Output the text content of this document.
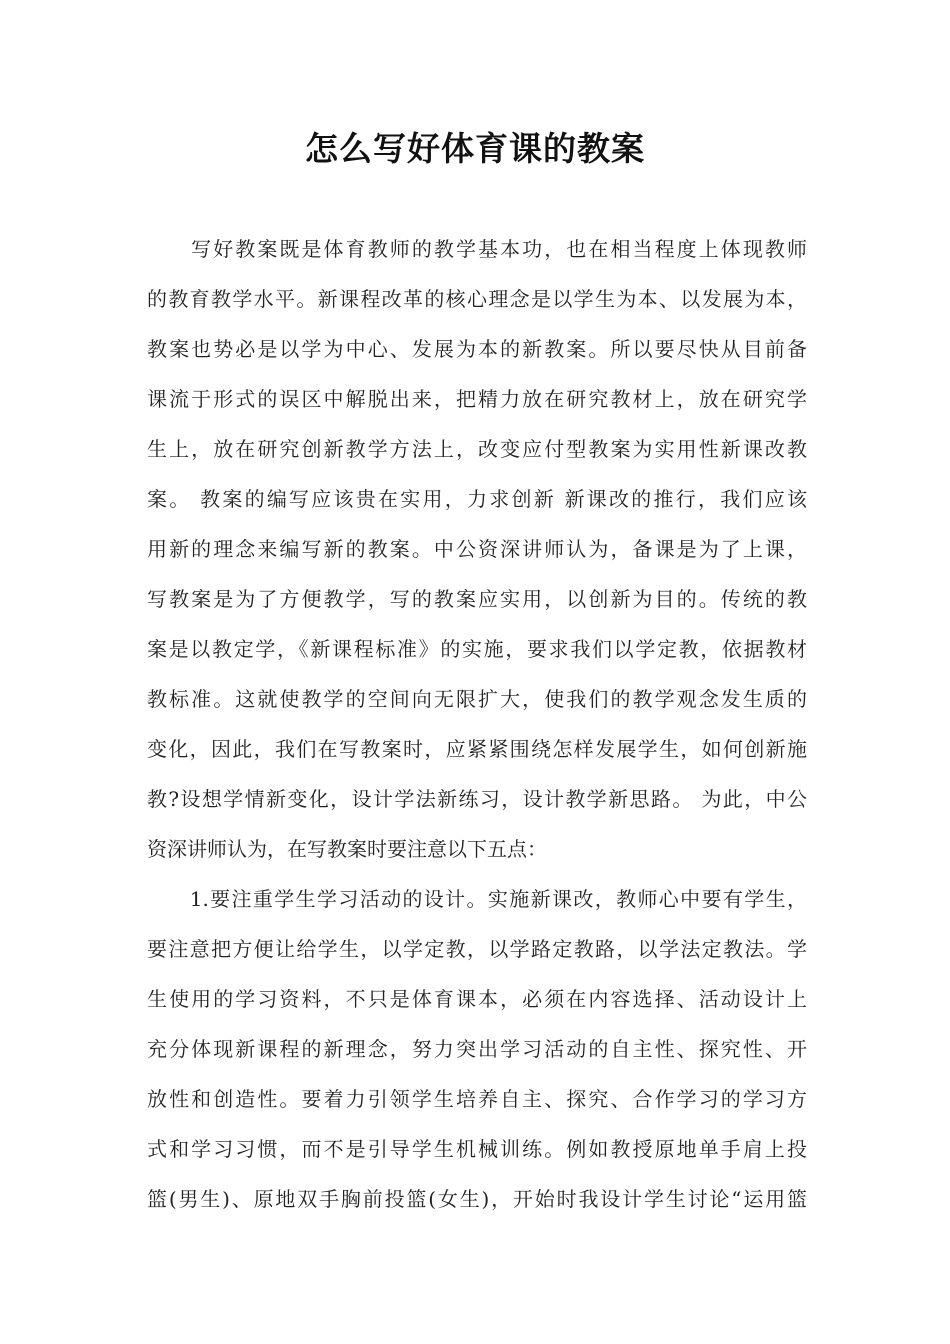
怎么写好体育课的教案
　　写好教案既是体育教师的教学基本功，也在相当程度上体现教师
的教育教学水平。新课程改革的核心理念是以学生为本、以发展为本，
教案也势必是以学为中心、发展为本的新教案。所以要尽快从目前备
课流于形式的误区中解脱出来，把精力放在研究教材上，放在研究学
生上，放在研究创新教学方法上，改变应付型教案为实用性新课改教
案。 教案的编写应该贵在实用，力求创新 新课改的推行，我们应该
用新的理念来编写新的教案。中公资深讲师认为，备课是为了上课，
写教案是为了方便教学，写的教案应实用，以创新为目的。传统的教
案是以教定学，《新课程标准》的实施，要求我们以学定教，依据教材
教标准。这就使教学的空间向无限扩大，使我们的教学观念发生质的
变化，因此，我们在写教案时，应紧紧围绕怎样发展学生，如何创新施
教?设想学情新变化，设计学法新练习，设计教学新思路。 为此，中公
资深讲师认为，在写教案时要注意以下五点：
　　1.要注重学生学习活动的设计。实施新课改，教师心中要有学生，
要注意把方便让给学生，以学定教，以学路定教路，以学法定教法。学
生使用的学习资料，不只是体育课本，必须在内容选择、活动设计上
充分体现新课程的新理念，努力突出学习活动的自主性、探究性、开
放性和创造性。要着力引领学生培养自主、探究、合作学习的学习方
式和学习习惯，而不是引导学生机械训练。例如教授原地单手肩上投
篮(男生)、原地双手胸前投篮(女生)，开始时我设计学生讨论“运用篮
